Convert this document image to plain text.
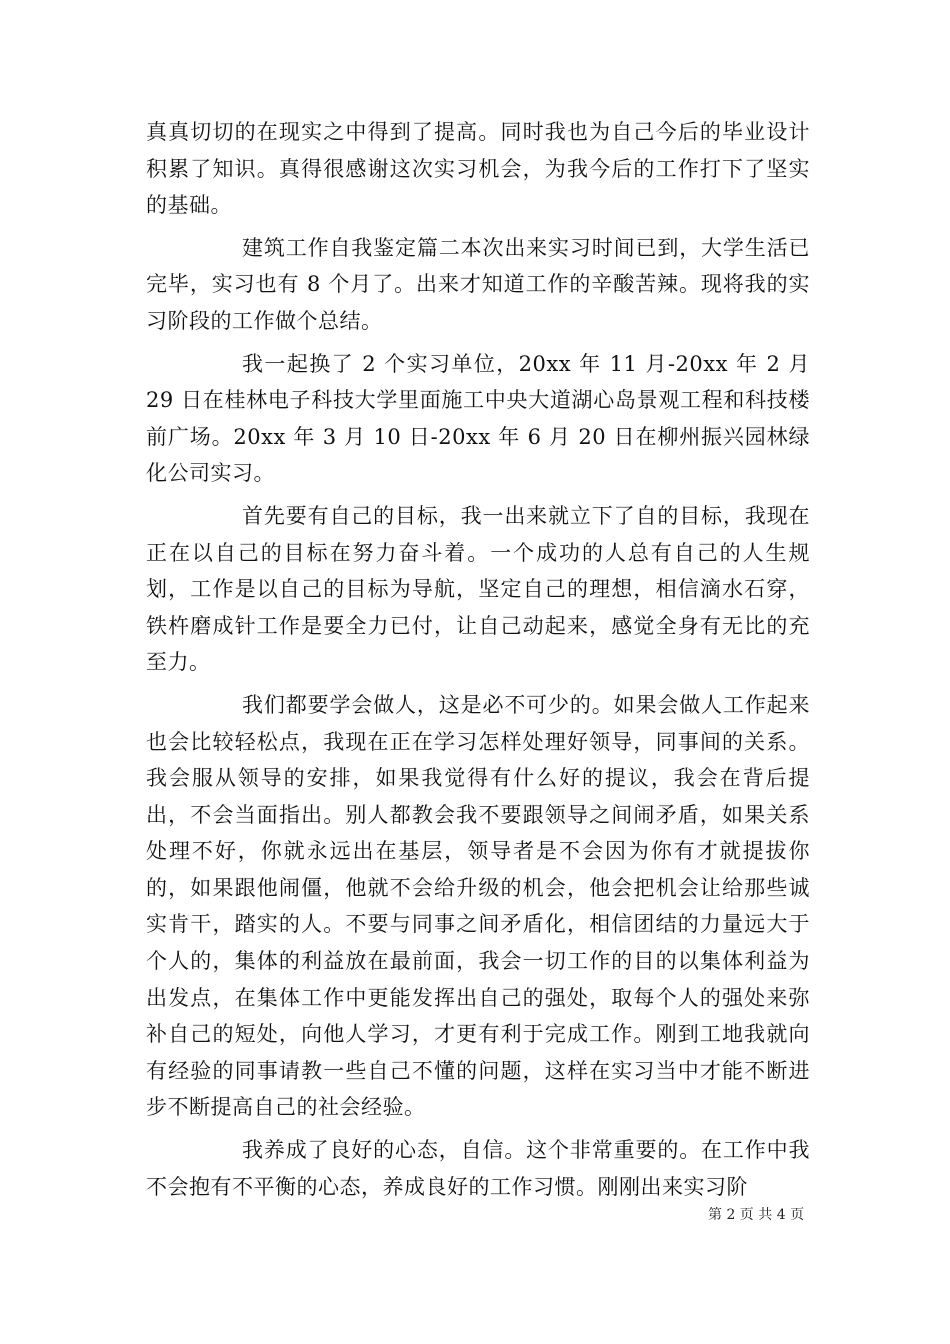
真真切切的在现实之中得到了提高。同时我也为自己今后的毕业设计积累了知识。真得很感谢这次实习机会，为我今后的工作打下了坚实的基础。

建筑工作自我鉴定篇二本次出来实习时间已到，大学生活已完毕，实习也有 8 个月了。出来才知道工作的辛酸苦辣。现将我的实习阶段的工作做个总结。

我一起换了 2 个实习单位，20xx 年 11 月-20xx 年 2 月 29 日在桂林电子科技大学里面施工中央大道湖心岛景观工程和科技楼前广场。20xx 年 3 月 10 日-20xx 年 6 月 20 日在柳州振兴园林绿化公司实习。

首先要有自己的目标，我一出来就立下了自的目标，我现在正在以自己的目标在努力奋斗着。一个成功的人总有自己的人生规划，工作是以自己的目标为导航，坚定自己的理想，相信滴水石穿，铁杵磨成针工作是要全力已付，让自己动起来，感觉全身有无比的充至力。

我们都要学会做人，这是必不可少的。如果会做人工作起来也会比较轻松点，我现在正在学习怎样处理好领导，同事间的关系。我会服从领导的安排，如果我觉得有什么好的提议，我会在背后提出，不会当面指出。别人都教会我不要跟领导之间闹矛盾，如果关系处理不好，你就永远出在基层，领导者是不会因为你有才就提拔你的，如果跟他闹僵，他就不会给升级的机会，他会把机会让给那些诚实肯干，踏实的人。不要与同事之间矛盾化，相信团结的力量远大于个人的，集体的利益放在最前面，我会一切工作的目的以集体利益为出发点，在集体工作中更能发挥出自己的强处，取每个人的强处来弥补自己的短处，向他人学习，才更有利于完成工作。刚到工地我就向有经验的同事请教一些自己不懂的问题，这样在实习当中才能不断进步不断提高自己的社会经验。

我养成了良好的心态，自信。这个非常重要的。在工作中我不会抱有不平衡的心态，养成良好的工作习惯。刚刚出来实习阶

第 2 页 共 4 页
